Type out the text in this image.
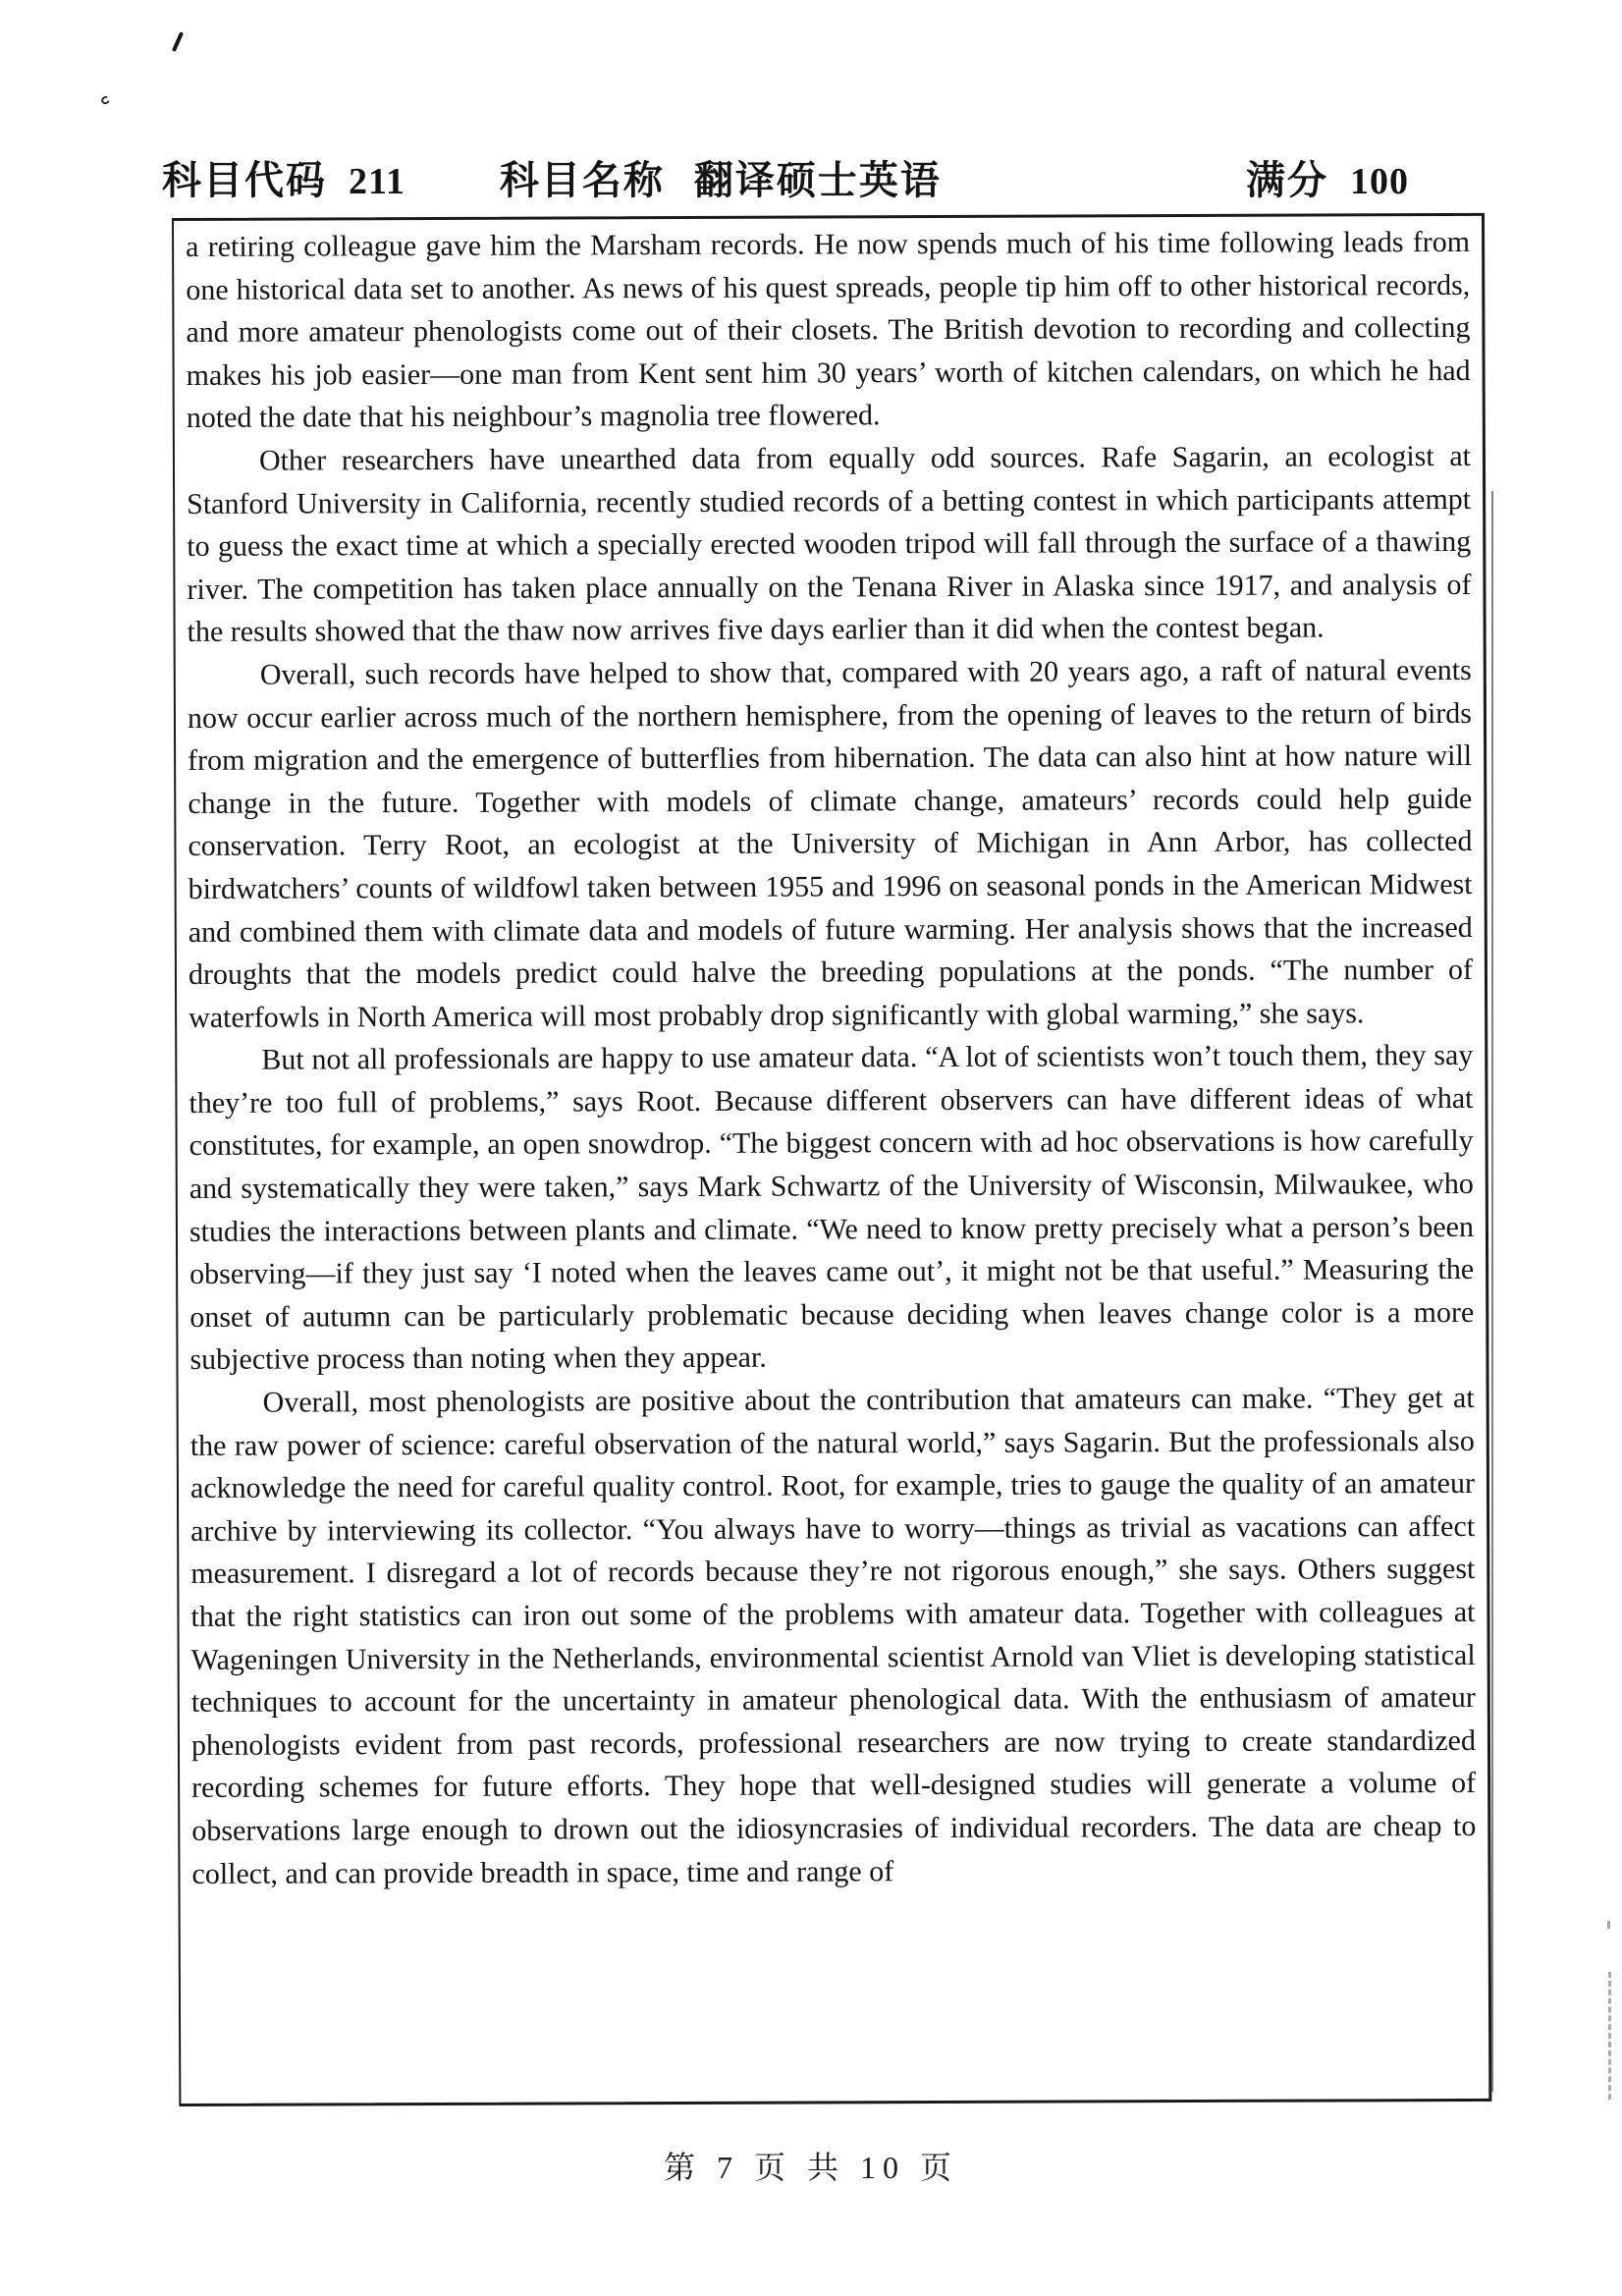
科目代码 211 科目名称 翻译硕士英语	满分 100

a retiring colleague gave him the Marsham records. He now spends much of his time following leads from one historical data set to another. As news of his quest spreads, people tip him off to other historical records, and more amateur phenologists come out of their closets. The British devotion to recording and collecting makes his job easier—one man from Kent sent him 30 years’ worth of kitchen calendars, on which he had noted the date that his neighbour’s magnolia tree flowered.

Other researchers have unearthed data from equally odd sources. Rafe Sagarin, an ecologist at Stanford University in California, recently studied records of a betting contest in which participants attempt to guess the exact time at which a specially erected wooden tripod will fall through the surface of a thawing river. The competition has taken place annually on the Tenana River in Alaska since 1917, and analysis of the results showed that the thaw now arrives five days earlier than it did when the contest began.

Overall, such records have helped to show that, compared with 20 years ago, a raft of natural events now occur earlier across much of the northern hemisphere, from the opening of leaves to the return of birds from migration and the emergence of butterflies from hibernation. The data can also hint at how nature will change in the future. Together with models of climate change, amateurs’ records could help guide conservation. Terry Root, an ecologist at the University of Michigan in Ann Arbor, has collected birdwatchers’ counts of wildfowl taken between 1955 and 1996 on seasonal ponds in the American Midwest and combined them with climate data and models of future warming. Her analysis shows that the increased droughts that the models predict could halve the breeding populations at the ponds. “The number of waterfowls in North America will most probably drop significantly with global warming,” she says.

But not all professionals are happy to use amateur data. “A lot of scientists won’t touch them, they say they’re too full of problems,” says Root. Because different observers can have different ideas of what constitutes, for example, an open snowdrop. “The biggest concern with ad hoc observations is how carefully and systematically they were taken,” says Mark Schwartz of the University of Wisconsin, Milwaukee, who studies the interactions between plants and climate. “We need to know pretty precisely what a person’s been observing—if they just say ‘I noted when the leaves came out’, it might not be that useful.” Measuring the onset of autumn can be particularly problematic because deciding when leaves change color is a more subjective process than noting when they appear.

Overall, most phenologists are positive about the contribution that amateurs can make. “They get at the raw power of science: careful observation of the natural world,” says Sagarin. But the professionals also acknowledge the need for careful quality control. Root, for example, tries to gauge the quality of an amateur archive by interviewing its collector. “You always have to worry—things as trivial as vacations can affect measurement. I disregard a lot of records because they’re not rigorous enough,” she says. Others suggest that the right statistics can iron out some of the problems with amateur data. Together with colleagues at Wageningen University in the Netherlands, environmental scientist Arnold van Vliet is developing statistical techniques to account for the uncertainty in amateur phenological data. With the enthusiasm of amateur phenologists evident from past records, professional researchers are now trying to create standardized recording schemes for future efforts. They hope that well-designed studies will generate a volume of observations large enough to drown out the idiosyncrasies of individual recorders. The data are cheap to collect, and can provide breadth in space, time and range of

第 7 页 共 10 页
